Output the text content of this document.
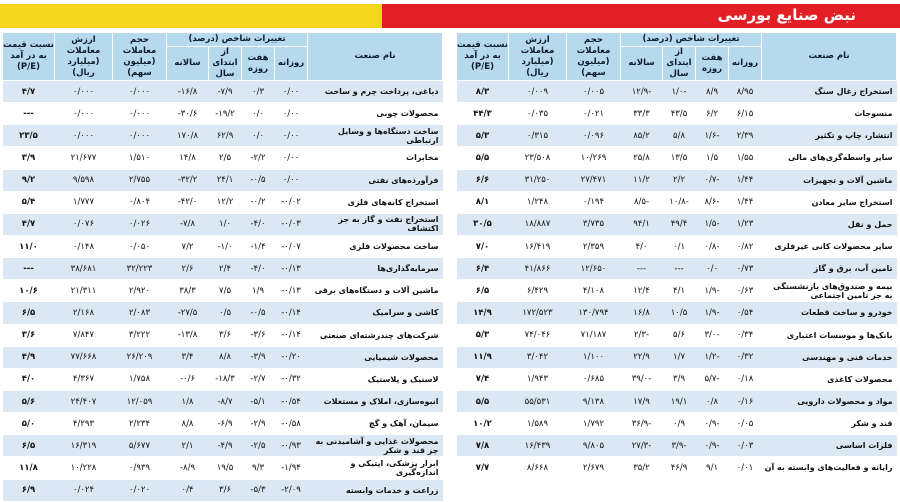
نبض صنایع بورسی
نام صنعت	تغییرات شاخص (درصد)				حجم معاملات (میلیون سهم)	ارزش معاملات (میلیارد ریال)	نسبت قیمت به در آمد (P/E)
	روزانه	هفت روزه	از ابتدای سال	سالانه			
دباغی، پرداخت چرم و ساخت	۰/۰۰	۰/۳	۷/۹-	۱۶/۸-	۰/۰۰۰	۰/۰۰۰	۴/۷
محصولات چوبی	۰/۰۰	۰/۰	۱۹/۲-	۳۰/۶-	۰/۰۰۰	۰/۰۰۰	---
ساخت دستگاه‌ها و وسایل ارتباطی	۰/۰۰	۰/۰	۶۲/۹	۱۷۰/۸	۰/۰۰۰	۰/۰۰۰	۲۳/۵
مخابرات	۰/۰۰	۲/۲-	۲/۵	۱۴/۸	۱/۵۱۰	۲۱/۶۷۷	۳/۹
فرآورده‌های نفتی	۰/۰۰	۰/۵-	۲۴/۱	۳۲/۲-	۲/۷۵۵	۹/۵۹۸	۹/۲
استخراج کانه‌های فلزی	۰/۰۲-	۰/۲-	۱۲/۲	۴۲/۰-	۰/۸۰۴	۱/۷۷۷	۵/۴
استخراج نفت و گاز به جز اکتشاف	۰/۰۳-	۴/۰-	۱/۰	۷/۸-	۰/۰۲۶	۰/۰۷۶	۴/۷
ساخت محصولات فلزی	۰/۰۷-	۱/۴-	۱/۰-	۷/۲	۰/۰۵۰	۰/۱۴۸	۱۱/۰
سرمایه‌گذاری‌ها	۰/۱۳-	۴/۰-	۲/۴	۲/۶	۳۲/۲۲۳	۳۸/۶۸۱	---
ماشین آلات و دستگاه‌های برقی	۰/۱۳-	۱/۹	۷/۵	۳۸/۳	۲/۹۲۰	۲۱/۳۱۱	۱۰/۶
کاشی و سرامیک	۰/۱۴-	۰/۵-	۰/۵	۲۷/۵-	۲/۰۸۳	۲/۱۶۸	۶/۵
شرکت‌های چندرشته‌ای صنعتی	۰/۱۴-	۳/۶-	۳/۶	۱۳/۸-	۳/۲۲۲	۷/۸۴۷	۳/۶
محصولات شیمیایی	۰/۲۰-	۳/۹-	۸/۸	۳/۴	۲۶/۲۰۹	۷۷/۶۶۸	۴/۹
لاستیک و پلاستیک	۰/۳۲-	۲/۷-	۱۸/۳-	۰/۶-	۱/۷۵۸	۴/۳۶۷	۴/۰
انبوه‌سازی، املاک و مستغلات	۰/۵۴-	۵/۱-	۸/۷-	۱/۸	۱۲/۰۵۹	۲۴/۴۰۷	۵/۶
سیمان، آهک و گچ	۰/۵۸-	۲/۹-	۶/۹-	۸/۸	۲/۲۳۴	۴/۲۹۳	۵/۰
محصولات غذایی و آشامیدنی به جز قند و شکر	۰/۹۳-	۲/۵-	۴/۹-	۲/۱	۵/۶۷۷	۱۶/۳۱۹	۶/۵
ابزار پزشکی، اپتیکی و اندازه‌گیری	۱/۹۴-	۹/۳	۱۹/۵	۸/۹-	۰/۹۳۹	۱۰/۲۲۸	۱۱/۸
زراعت و خدمات وابسته	۲/۰۹-	۵/۳-	۳/۶	۰/۴	۰/۰۲۰	۰/۰۲۴	۶/۹
نام صنعت	تغییرات شاخص (درصد)				حجم معاملات (میلیون سهم)	ارزش معاملات (میلیارد ریال)	نسبت قیمت به در آمد (P/E)
	روزانه	هفت روزه	از ابتدای سال	سالانه			
استخراج زغال سنگ	۸/۹۵	۸/۹	-۱/۰	-۱۲/۹	۰/۰۰۵	۰/۰۰۹	۸/۳
منسوجات	۶/۱۵	۶/۲	۴۳/۵	۳۳/۳	۰/۰۲۱	۰/۰۳۵	۴۴/۳
انتشار، چاپ و تکثیر	۲/۳۹	-۱/۶	۵/۸	۸۵/۲	۰/۰۹۶	۰/۳۱۵	۵/۳
سایر واسطه‌گری‌های مالی	۱/۵۵	۱/۵	۱۳/۵	۲۵/۸	۱۰/۲۶۹	۲۳/۵۰۸	۵/۵
ماشین آلات و تجهیزات	۱/۴۴	-۰/۷	۲/۲	۱۱/۲	۲۷/۴۷۱	۳۱/۲۵۰	۶/۶
استخراج سایر معادن	۱/۴۴	-۸/۶	-۱۰/۸	-۸/۵	۰/۱۹۴	۱/۲۴۸	۸/۱
حمل و نقل	۱/۲۳	-۱/۵	۴۹/۴	۹۴/۱	۳/۷۳۵	۱۸/۸۸۷	۳۰/۵
سایر محصولات کانی غیرفلزی	۰/۸۲	-۰/۸	۰/۱	۴/۰	۲/۳۵۹	۱۶/۴۱۹	۷/۰
تامین آب، برق و گاز	۰/۷۳	۰/۰	---	---	۱۲/۶۵۰	۴۱/۸۶۶	۶/۴
بیمه و صندوق‌های بازنشستگی به جز تامین اجتماعی	۰/۶۳	-۱/۹	۴/۱	۱۲/۴	۴/۱۰۸	۶/۴۲۹	۶/۵
خودرو و ساخت قطعات	۰/۵۴	-۱/۹	۱۰/۵	۱۶/۸	۱۳۰/۷۹۴	۱۷۲/۵۲۳	۱۴/۹
بانک‌ها و موسسات اعتباری	۰/۳۴	-۳/۰	۵/۶	-۲/۳	۷۱/۱۸۷	۷۴/۰۴۶	۵/۳
خدمات فنی و مهندسی	۰/۳۲	-۱/۲	۱/۷	۲۲/۹	۱/۱۰۰	۳/۰۴۲	۱۱/۹
محصولات کاغذی	۰/۱۸	-۵/۷	۳/۹	-۳۹/۰	۰/۶۸۵	۱/۹۴۳	۷/۴
مواد و محصولات دارویی	۰/۱۶	۰/۸	۱۹/۱	۱۷/۹	۹/۱۳۸	۵۵/۵۳۱	۵/۵
قند و شکر	۰/۰۵	-۰/۹	۰/۹	-۳۶/۹	۱/۷۹۲	۱/۵۸۹	۱۰/۲
فلزات اساسی	۰/۰۳	-۰/۹	-۳/۹	-۲۷/۳	۹/۸۰۵	۱۶/۴۳۹	۷/۸
رایانه و فعالیت‌های وابسته به آن	۰/۰۱	۹/۱	۴۶/۹	۳۵/۲	۲/۶۷۹	۸/۶۶۸	۷/۷
